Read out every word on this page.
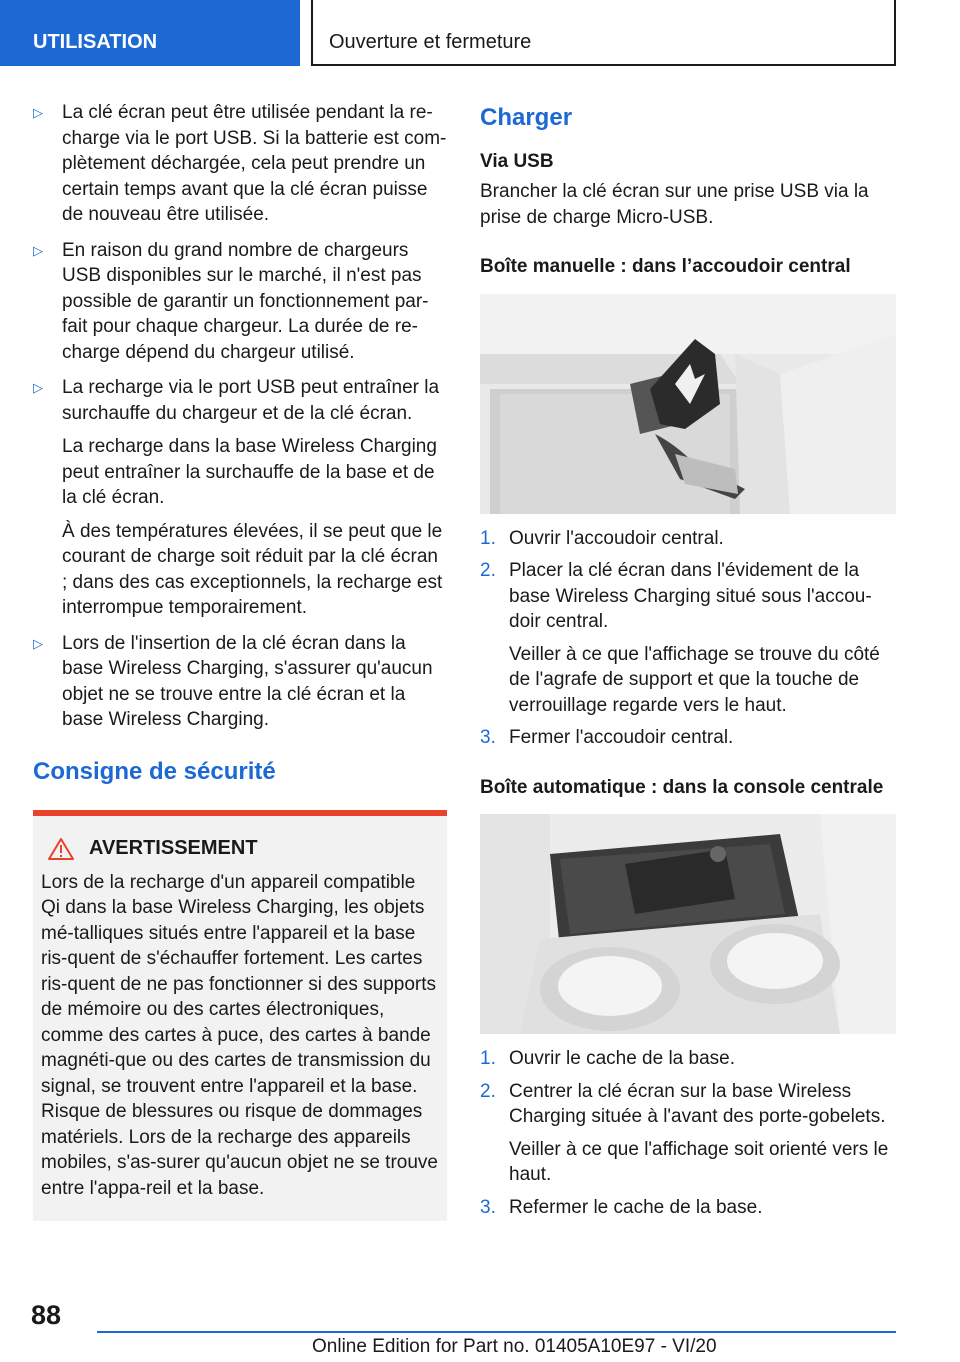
UTILISATION	Ouverture et fermeture
▷ La clé écran peut être utilisée pendant la re-charge via le port USB. Si la batterie est com-plètement déchargée, cela peut prendre un certain temps avant que la clé écran puisse de nouveau être utilisée.

▷ En raison du grand nombre de chargeurs USB disponibles sur le marché, il n'est pas possible de garantir un fonctionnement par-fait pour chaque chargeur. La durée de re-charge dépend du chargeur utilisé.

▷ La recharge via le port USB peut entraîner la surchauffe du chargeur et de la clé écran.

La recharge dans la base Wireless Charging peut entraîner la surchauffe de la base et de la clé écran.

À des températures élevées, il se peut que le courant de charge soit réduit par la clé écran ; dans des cas exceptionnels, la recharge est interrompue temporairement.

▷ Lors de l'insertion de la clé écran dans la base Wireless Charging, s'assurer qu'aucun objet ne se trouve entre la clé écran et la base Wireless Charging.

Consigne de sécurité
AVERTISSEMENT

Lors de la recharge d'un appareil compatible Qi dans la base Wireless Charging, les objets mé-talliques situés entre l'appareil et la base ris-quent de s'échauffer fortement. Les cartes ris-quent de ne pas fonctionner si des supports de mémoire ou des cartes électroniques, comme des cartes à puce, des cartes à bande magnéti-que ou des cartes de transmission du signal, se trouvent entre l'appareil et la base. Risque de blessures ou risque de dommages matériels. Lors de la recharge des appareils mobiles, s'as-surer qu'aucun objet ne se trouve entre l'appa-reil et la base.

Charger
Via USB

Brancher la clé écran sur une prise USB via la prise de charge Micro-USB.

Boîte manuelle : dans l’accoudoir central
1. Ouvrir l'accoudoir central.

2. Placer la clé écran dans l'évidement de la base Wireless Charging situé sous l'accou-doir central.

Veiller à ce que l'affichage se trouve du côté de l'agrafe de support et que la touche de verrouillage regarde vers le haut.

3. Fermer l'accoudoir central.

Boîte automatique : dans la console centrale
1. Ouvrir le cache de la base.

2. Centrer la clé écran sur la base Wireless Charging située à l'avant des porte-gobelets.

Veiller à ce que l'affichage soit orienté vers le haut.

3. Refermer le cache de la base.

88
Online Edition for Part no. 01405A10E97 - VI/20
